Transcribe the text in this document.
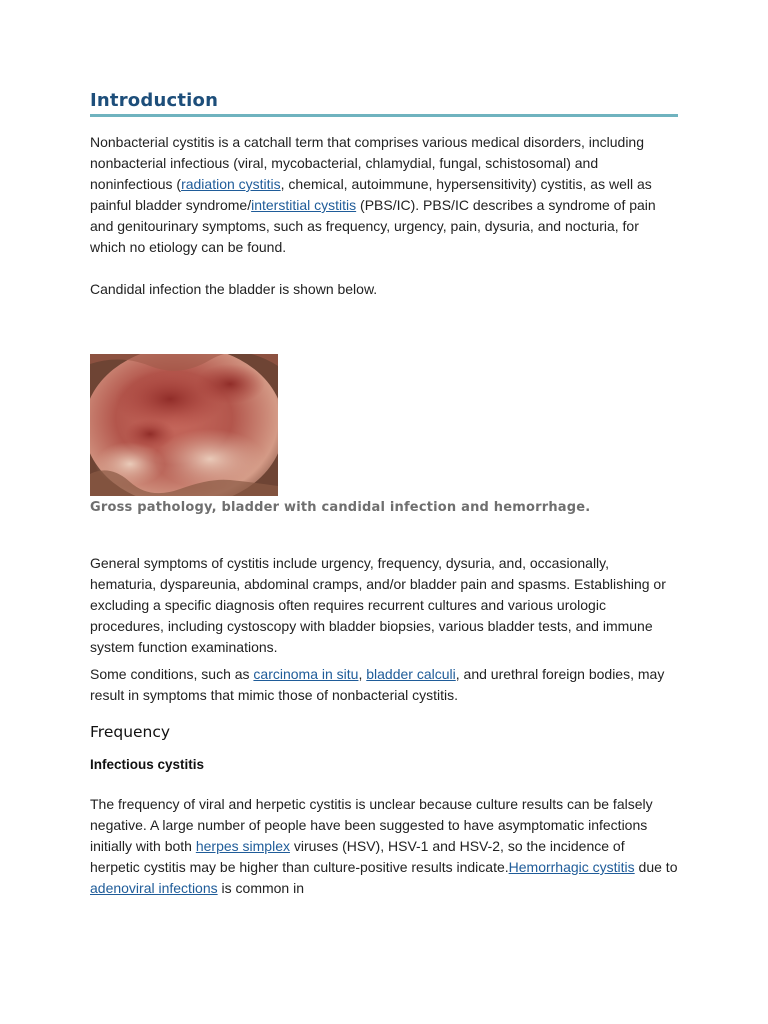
Introduction

Nonbacterial cystitis is a catchall term that comprises various medical disorders, including nonbacterial infectious (viral, mycobacterial, chlamydial, fungal, schistosomal) and noninfectious (radiation cystitis, chemical, autoimmune, hypersensitivity) cystitis, as well as painful bladder syndrome/interstitial cystitis (PBS/IC). PBS/IC describes a syndrome of pain and genitourinary symptoms, such as frequency, urgency, pain, dysuria, and nocturia, for which no etiology can be found.

Candidal infection the bladder is shown below.

Gross pathology, bladder with candidal infection and hemorrhage.

General symptoms of cystitis include urgency, frequency, dysuria, and, occasionally, hematuria, dyspareunia, abdominal cramps, and/or bladder pain and spasms. Establishing or excluding a specific diagnosis often requires recurrent cultures and various urologic procedures, including cystoscopy with bladder biopsies, various bladder tests, and immune system function examinations.

Some conditions, such as carcinoma in situ, bladder calculi, and urethral foreign bodies, may result in symptoms that mimic those of nonbacterial cystitis.

Frequency
Infectious cystitis

The frequency of viral and herpetic cystitis is unclear because culture results can be falsely negative. A large number of people have been suggested to have asymptomatic infections initially with both herpes simplex viruses (HSV), HSV-1 and HSV-2, so the incidence of herpetic cystitis may be higher than culture-positive results indicate.Hemorrhagic cystitis due to adenoviral infections is common in
